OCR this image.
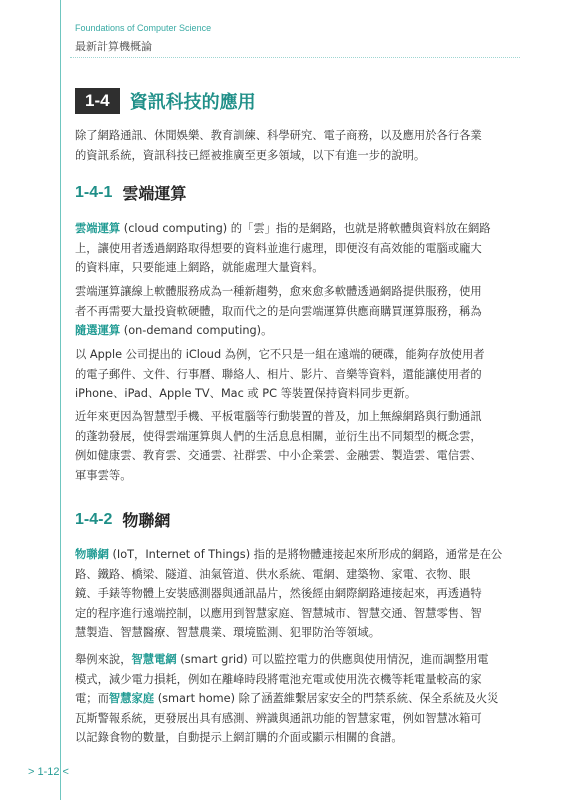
Foundations of Computer Science
最新計算機概論
1-4	資訊科技的應用
除了網路通訊、休閒娛樂、教育訓練、科學研究、電子商務，以及應用於各行各業
的資訊系統，資訊科技已經被推廣至更多領域，以下有進一步的說明。
1-4-1 雲端運算
雲端運算 (cloud computing) 的「雲」指的是網路，也就是將軟體與資料放在網路
上，讓使用者透過網路取得想要的資料並進行處理，即便沒有高效能的電腦或龐大
的資料庫，只要能連上網路，就能處理大量資料。
雲端運算讓線上軟體服務成為一種新趨勢，愈來愈多軟體透過網路提供服務，使用
者不再需要大量投資軟硬體，取而代之的是向雲端運算供應商購買運算服務，稱為
隨選運算 (on-demand computing)。
以 Apple 公司提出的 iCloud 為例，它不只是一組在遠端的硬碟，能夠存放使用者
的電子郵件、文件、行事曆、聯絡人、相片、影片、音樂等資料，還能讓使用者的
iPhone、iPad、Apple TV、Mac 或 PC 等裝置保持資料同步更新。
近年來更因為智慧型手機、平板電腦等行動裝置的普及，加上無線網路與行動通訊
的蓬勃發展，使得雲端運算與人們的生活息息相關，並衍生出不同類型的概念雲，
例如健康雲、教育雲、交通雲、社群雲、中小企業雲、金融雲、製造雲、電信雲、
軍事雲等。
1-4-2 物聯網
物聯網 (IoT，Internet of Things) 指的是將物體連接起來所形成的網路，通常是在公
路、鐵路、橋梁、隧道、油氣管道、供水系統、電網、建築物、家電、衣物、眼
鏡、手錶等物體上安裝感測器與通訊晶片，然後經由網際網路連接起來，再透過特
定的程序進行遠端控制，以應用到智慧家庭、智慧城市、智慧交通、智慧零售、智
慧製造、智慧醫療、智慧農業、環境監測、犯罪防治等領域。
舉例來說，智慧電網 (smart grid) 可以監控電力的供應與使用情況，進而調整用電
模式，減少電力損耗，例如在離峰時段將電池充電或使用洗衣機等耗電量較高的家
電；而智慧家庭 (smart home) 除了涵蓋維繫居家安全的門禁系統、保全系統及火災
瓦斯警報系統，更發展出具有感測、辨識與通訊功能的智慧家電，例如智慧冰箱可
以記錄食物的數量，自動提示上網訂購的介面或顯示相關的食譜。
> 1-12 <
